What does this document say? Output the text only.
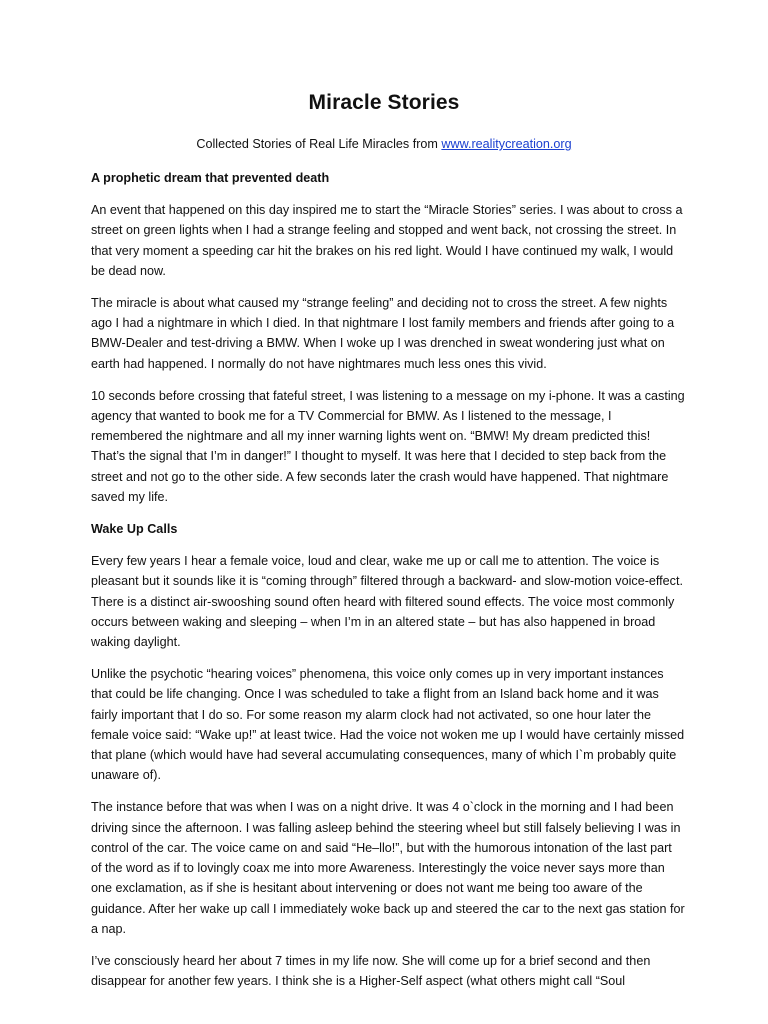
Miracle Stories
Collected Stories of Real Life Miracles from www.realitycreation.org
A prophetic dream that prevented death

An event that happened on this day inspired me to start the “Miracle Stories” series. I was about to cross a street on green lights when I had a strange feeling and stopped and went back, not crossing the street. In that very moment a speeding car hit the brakes on his red light. Would I have continued my walk, I would be dead now.

The miracle is about what caused my “strange feeling” and deciding not to cross the street. A few nights ago I had a nightmare in which I died. In that nightmare I lost family members and friends after going to a BMW-Dealer and test-driving a BMW. When I woke up I was drenched in sweat wondering just what on earth had happened. I normally do not have nightmares much less ones this vivid.

10 seconds before crossing that fateful street, I was listening to a message on my i-phone. It was a casting agency that wanted to book me for a TV Commercial for BMW. As I listened to the message, I remembered the nightmare and all my inner warning lights went on. “BMW! My dream predicted this! That’s the signal that I’m in danger!” I thought to myself. It was here that I decided to step back from the street and not go to the other side. A few seconds later the crash would have happened. That nightmare saved my life.

Wake Up Calls

Every few years I hear a female voice, loud and clear, wake me up or call me to attention. The voice is pleasant but it sounds like it is “coming through” filtered through a backward- and slow-motion voice-effect. There is a distinct air-swooshing sound often heard with filtered sound effects. The voice most commonly occurs between waking and sleeping – when I’m in an altered state – but has also happened in broad waking daylight.

Unlike the psychotic “hearing voices” phenomena, this voice only comes up in very important instances that could be life changing. Once I was scheduled to take a flight from an Island back home and it was fairly important that I do so. For some reason my alarm clock had not activated, so one hour later the female voice said: “Wake up!” at least twice. Had the voice not woken me up I would have certainly missed that plane (which would have had several accumulating consequences, many of which I`m probably quite unaware of).

The instance before that was when I was on a night drive. It was 4 o`clock in the morning and I had been driving since the afternoon. I was falling asleep behind the steering wheel but still falsely believing I was in control of the car. The voice came on and said “He–llo!”, but with the humorous intonation of the last part of the word as if to lovingly coax me into more Awareness. Interestingly the voice never says more than one exclamation, as if she is hesitant about intervening or does not want me being too aware of the guidance. After her wake up call I immediately woke back up and steered the car to the next gas station for a nap.

I’ve consciously heard her about 7 times in my life now. She will come up for a brief second and then disappear for another few years. I think she is a Higher-Self aspect (what others might call “Soul
